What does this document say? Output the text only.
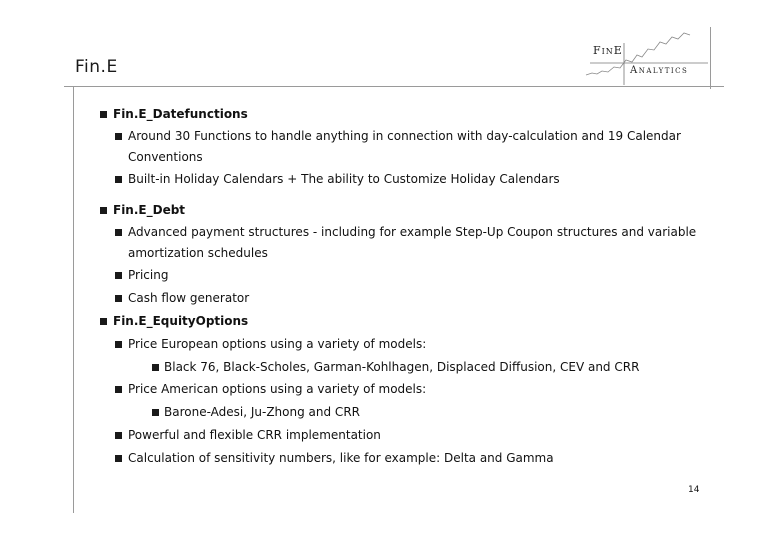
Fin.E
FinE
Analytics
Fin.E_Datefunctions
Around 30 Functions to handle anything in connection with day-calculation and 19 Calendar
Conventions
Built-in Holiday Calendars + The ability to Customize Holiday Calendars
Fin.E_Debt
Advanced payment structures - including for example Step-Up Coupon structures and variable
amortization schedules
Pricing
Cash flow generator
Fin.E_EquityOptions
Price European options using a variety of models:
Black 76, Black-Scholes, Garman-Kohlhagen, Displaced Diffusion, CEV and CRR
Price American options using a variety of models:
Barone-Adesi, Ju-Zhong and CRR
Powerful and flexible CRR implementation
Calculation of sensitivity numbers, like for example: Delta and Gamma
14
